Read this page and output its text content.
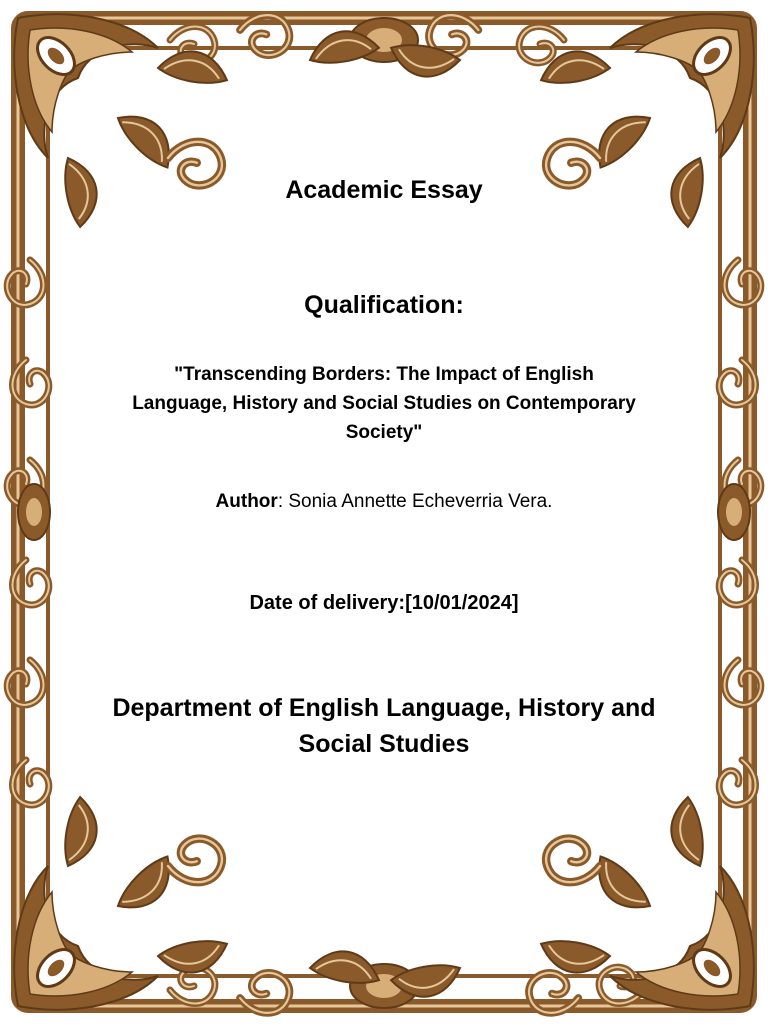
Academic Essay
Qualification:
"Transcending Borders: The Impact of English Language, History and Social Studies on Contemporary Society"
Author: Sonia Annette Echeverria Vera.
Date of delivery:[10/01/2024]
Department of English Language, History and Social Studies
